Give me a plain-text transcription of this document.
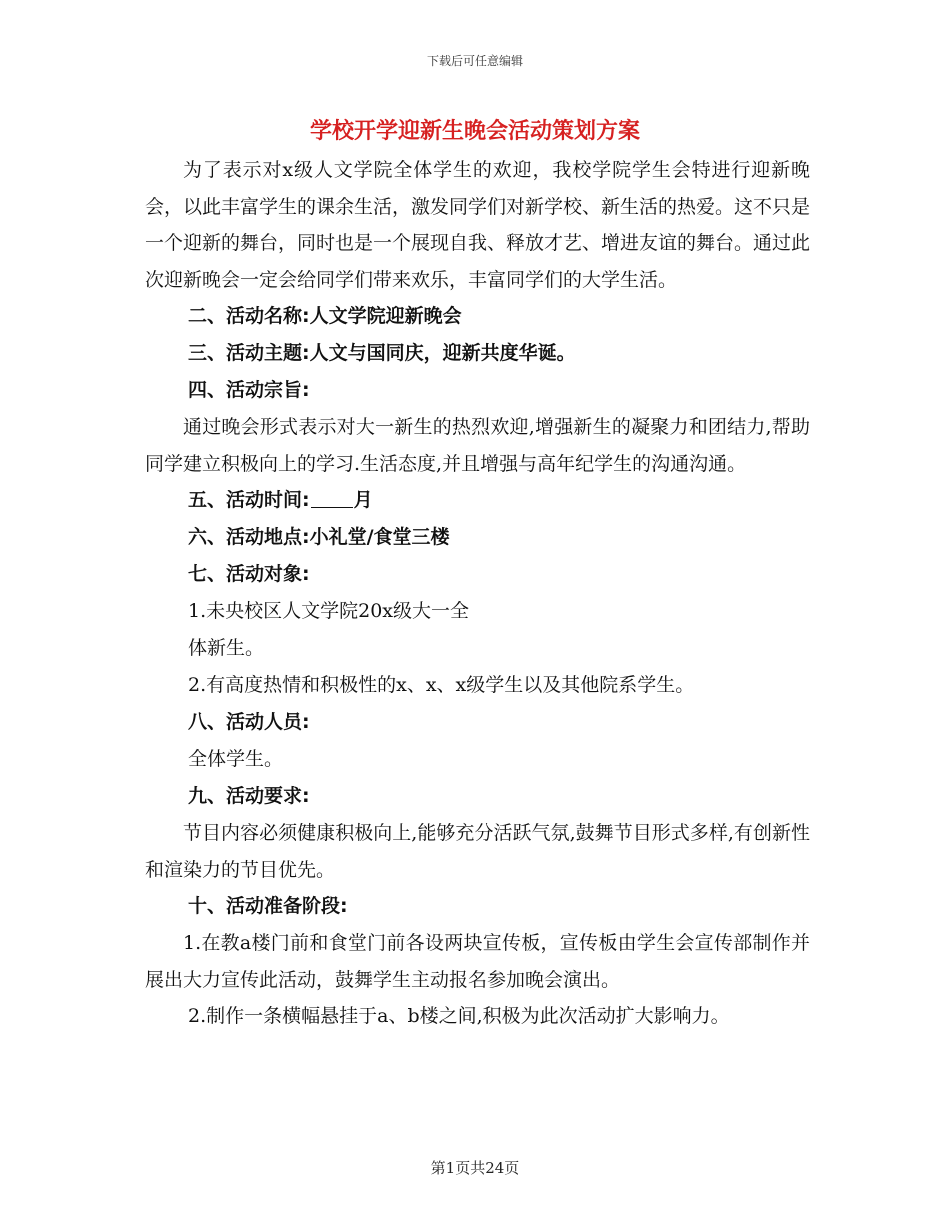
下载后可任意编辑
学校开学迎新生晚会活动策划方案

为了表示对x级人文学院全体学生的欢迎，我校学院学生会特进行迎新晚会，以此丰富学生的课余生活，激发同学们对新学校、新生活的热爱。这不只是一个迎新的舞台，同时也是一个展现自我、释放才艺、增进友谊的舞台。通过此次迎新晚会一定会给同学们带来欢乐，丰富同学们的大学生活。

二、活动名称:人文学院迎新晚会

三、活动主题:人文与国同庆，迎新共度华诞。

四、活动宗旨:

通过晚会形式表示对大一新生的热烈欢迎,增强新生的凝聚力和团结力,帮助同学建立积极向上的学习.生活态度,并且增强与高年纪学生的沟通沟通。

五、活动时间: 月

六、活动地点:小礼堂/食堂三楼

七、活动对象:

1.未央校区人文学院20x级大一全

体新生。

2.有高度热情和积极性的x、x、x级学生以及其他院系学生。

八、活动人员:

全体学生。

九、活动要求:

节目内容必须健康积极向上,能够充分活跃气氛,鼓舞节目形式多样,有创新性和渲染力的节目优先。

十、活动准备阶段:

1.在教a楼门前和食堂门前各设两块宣传板，宣传板由学生会宣传部制作并展出大力宣传此活动，鼓舞学生主动报名参加晚会演出。

2.制作一条横幅悬挂于a、b楼之间,积极为此次活动扩大影响力。

第1页共24页
